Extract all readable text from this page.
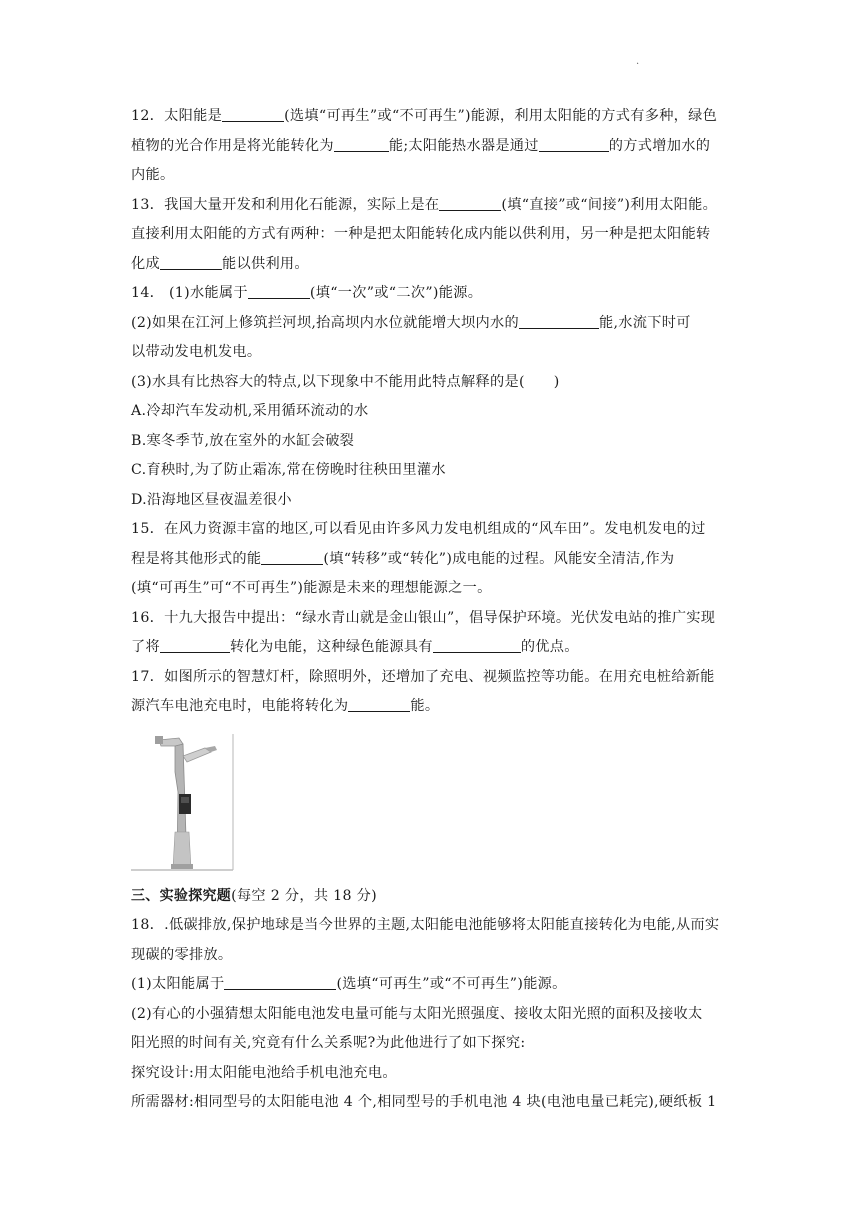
.
12．太阳能是	(选填“可再生”或“不可再生”)能源，利用太阳能的方式有多种，绿色
植物的光合作用是将光能转化为	能;太阳能热水器是通过	的方式增加水的
内能。
13．我国大量开发和利用化石能源，实际上是在	(填“直接”或“间接”)利用太阳能。
直接利用太阳能的方式有两种：一种是把太阳能转化成内能以供利用，另一种是把太阳能转
化成	能以供利用。
14． (1)水能属于	(填“一次”或“二次”)能源。
(2)如果在江河上修筑拦河坝,抬高坝内水位就能增大坝内水的	能,水流下时可
以带动发电机发电。
(3)水具有比热容大的特点,以下现象中不能用此特点解释的是(　　)
A.冷却汽车发动机,采用循环流动的水
B.寒冬季节,放在室外的水缸会破裂
C.育秧时,为了防止霜冻,常在傍晚时往秧田里灌水
D.沿海地区昼夜温差很小
15．在风力资源丰富的地区,可以看见由许多风力发电机组成的“风车田”。发电机发电的过
程是将其他形式的能	(填“转移”或“转化”)成电能的过程。风能安全清洁,作为
(填“可再生”可“不可再生”)能源是未来的理想能源之一。
16．十九大报告中提出：“绿水青山就是金山银山”，倡导保护环境。光伏发电站的推广实现
了将	转化为电能，这种绿色能源具有	的优点。
17．如图所示的智慧灯杆，除照明外，还增加了充电、视频监控等功能。在用充电桩给新能
源汽车电池充电时，电能将转化为	能。
三、实验探究题(每空 2 分，共 18 分)
18．.低碳排放,保护地球是当今世界的主题,太阳能电池能够将太阳能直接转化为电能,从而实
现碳的零排放。
(1)太阳能属于	(选填“可再生”或“不可再生”)能源。
(2)有心的小强猜想太阳能电池发电量可能与太阳光照强度、接收太阳光照的面积及接收太
阳光照的时间有关,究竟有什么关系呢?为此他进行了如下探究:
探究设计:用太阳能电池给手机电池充电。
所需器材:相同型号的太阳能电池 4 个,相同型号的手机电池 4 块(电池电量已耗完),硬纸板 1
